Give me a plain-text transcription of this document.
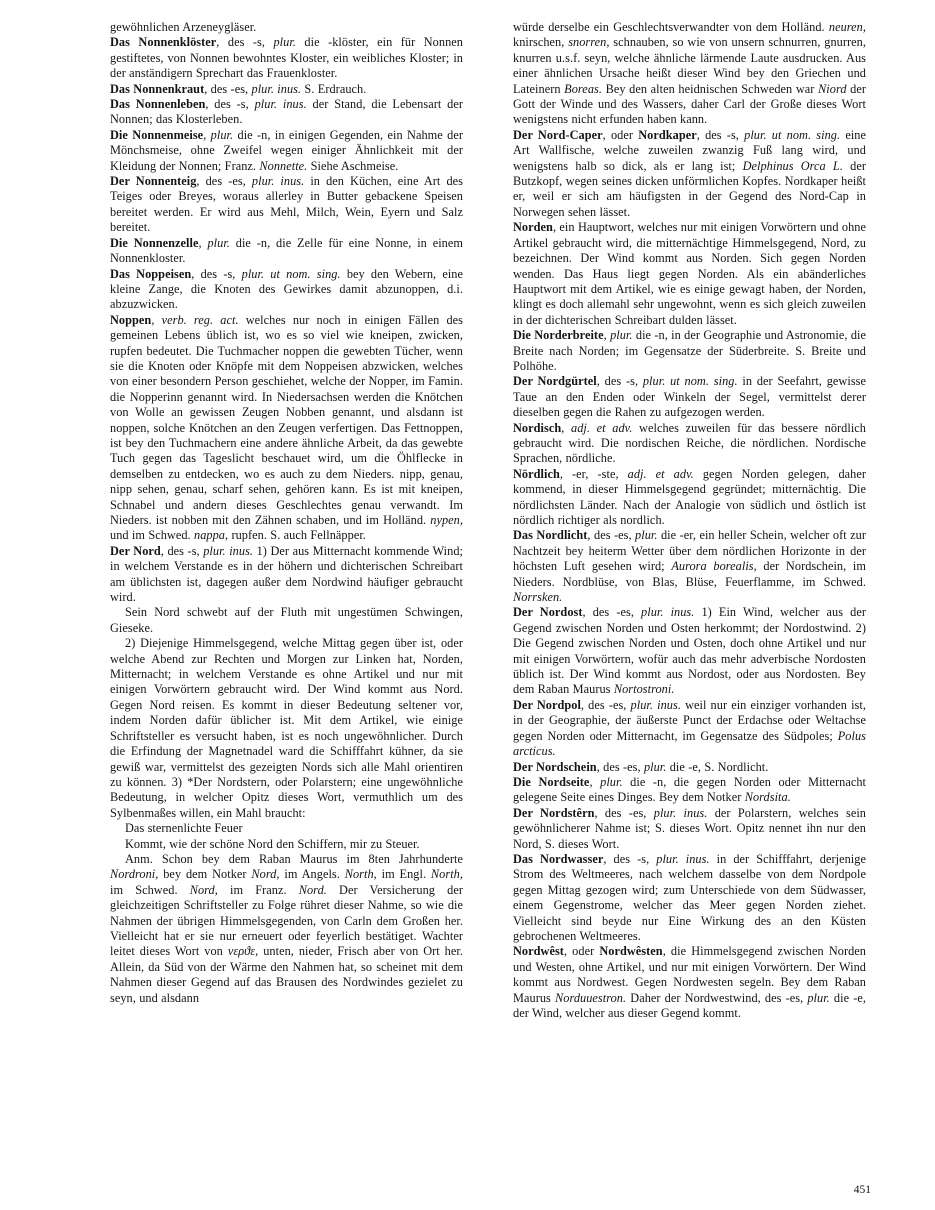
gewöhnlichen Arzeneygläser.

Das Nonnenklöster, des -s, plur. die -klöster, ein für Nonnen gestiftetes, von Nonnen bewohntes Kloster, ein weibliches Kloster; in der anständigern Sprechart das Frauenkloster.

Das Nonnenkraut, des -es, plur. inus. S. Erdrauch.

Das Nonnenleben, des -s, plur. inus. der Stand, die Lebensart der Nonnen; das Klosterleben.

Die Nonnenmeise, plur. die -n, in einigen Gegenden, ein Nahme der Mönchsmeise, ohne Zweifel wegen einiger Ähnlichkeit mit der Kleidung der Nonnen; Franz. Nonnette. Siehe Aschmeise.

Der Nonnenteig, des -es, plur. inus. in den Küchen, eine Art des Teiges oder Breyes, woraus allerley in Butter gebackene Speisen bereitet werden. Er wird aus Mehl, Milch, Wein, Eyern und Salz bereitet.

Die Nonnenzelle, plur. die -n, die Zelle für eine Nonne, in einem Nonnenkloster.

Das Noppeisen, des -s, plur. ut nom. sing. bey den Webern, eine kleine Zange, die Knoten des Gewirkes damit abzunoppen, d.i. abzuzwicken.

Noppen, verb. reg. act. welches nur noch in einigen Fällen des gemeinen Lebens üblich ist, wo es so viel wie kneipen, zwicken, rupfen bedeutet. Die Tuchmacher noppen die gewebten Tücher, wenn sie die Knoten oder Knöpfe mit dem Noppeisen abzwicken, welches von einer besondern Person geschiehet, welche der Nopper, im Famin. die Nopperinn genannt wird. In Niedersachsen werden die Knötchen von Wolle an gewissen Zeugen Nobben genannt, und alsdann ist noppen, solche Knötchen an den Zeugen verfertigen. Das Fettnoppen, ist bey den Tuchmachern eine andere ähnliche Arbeit, da das gewebte Tuch gegen das Tageslicht beschauet wird, um die Öhlflecke in demselben zu entdecken, wo es auch zu dem Nieders. nipp, genau, nipp sehen, genau, scharf sehen, gehören kann. Es ist mit kneipen, Schnabel und andern dieses Geschlechtes genau verwandt. Im Nieders. ist nobben mit den Zähnen schaben, und im Holländ. nypen, und im Schwed. nappa, rupfen. S. auch Fellnäpper.

Der Nord, des -s, plur. inus. 1) Der aus Mitternacht kommende Wind; in welchem Verstande es in der höhern und dichterischen Schreibart am üblichsten ist, dagegen außer dem Nordwind häufiger gebraucht wird.

Sein Nord schwebt auf der Fluth mit ungestümen Schwingen, Gieseke.

2) Diejenige Himmelsgegend, welche Mittag gegen über ist, oder welche Abend zur Rechten und Morgen zur Linken hat, Norden, Mitternacht; in welchem Verstande es ohne Artikel und nur mit einigen Vorwörtern gebraucht wird. Der Wind kommt aus Nord. Gegen Nord reisen. Es kommt in dieser Bedeutung seltener vor, indem Norden dafür üblicher ist. Mit dem Artikel, wie einige Schriftsteller es versucht haben, ist es noch ungewöhnlicher. Durch die Erfindung der Magnetnadel ward die Schifffahrt kühner, da sie gewiß war, vermittelst des gezeigten Nords sich alle Mahl orientiren zu können. 3) *Der Nordstern, oder Polarstern; eine ungewöhnliche Bedeutung, in welcher Opitz dieses Wort, vermuthlich um des Sylbenmaßes willen, ein Mahl braucht:

Das sternenlichte Feuer

Kommt, wie der schöne Nord den Schiffern, mir zu Steuer.

Anm. Schon bey dem Raban Maurus im 8ten Jahrhunderte Nordroni, bey dem Notker Nord, im Angels. North, im Engl. North, im Schwed. Nord, im Franz. Nord. Der Versicherung der gleichzeitigen Schriftsteller zu Folge rühret dieser Nahme, so wie die Nahmen der übrigen Himmelsgegenden, von Carln dem Großen her. Vielleicht hat er sie nur erneuert oder feyerlich bestätiget. Wachter leitet dieses Wort von νερϑε, unten, nieder, Frisch aber von Ort her. Allein, da Süd von der Wärme den Nahmen hat, so scheinet mit dem Nahmen dieser Gegend auf das Brausen des Nordwindes gezielet zu seyn, und alsdann

würde derselbe ein Geschlechtsverwandter von dem Holländ. neuren, knirschen, snorren, schnauben, so wie von unsern schnurren, gnurren, knurren u.s.f. seyn, welche ähnliche lärmende Laute ausdrucken. Aus einer ähnlichen Ursache heißt dieser Wind bey den Griechen und Lateinern Boreas. Bey den alten heidnischen Schweden war Niord der Gott der Winde und des Wassers, daher Carl der Große dieses Wort wenigstens nicht erfunden haben kann.

Der Nord-Caper, oder Nordkaper, des -s, plur. ut nom. sing. eine Art Wallfische, welche zuweilen zwanzig Fuß lang wird, und wenigstens halb so dick, als er lang ist; Delphinus Orca L. der Butzkopf, wegen seines dicken unförmlichen Kopfes. Nordkaper heißt er, weil er sich am häufigsten in der Gegend des Nord-Cap in Norwegen sehen lässet.

Norden, ein Hauptwort, welches nur mit einigen Vorwörtern und ohne Artikel gebraucht wird, die mitternächtige Himmelsgegend, Nord, zu bezeichnen. Der Wind kommt aus Norden. Sich gegen Norden wenden. Das Haus liegt gegen Norden. Als ein abänderliches Hauptwort mit dem Artikel, wie es einige gewagt haben, der Norden, klingt es doch allemahl sehr ungewohnt, wenn es sich gleich zuweilen in der dichterischen Schreibart dulden lässet.

Die Norderbreite, plur. die -n, in der Geographie und Astronomie, die Breite nach Norden; im Gegensatze der Süderbreite. S. Breite und Polhöhe.

Der Nordgürtel, des -s, plur. ut nom. sing. in der Seefahrt, gewisse Taue an den Enden oder Winkeln der Segel, vermittelst derer dieselben gegen die Rahen zu aufgezogen werden.

Nordisch, adj. et adv. welches zuweilen für das bessere nördlich gebraucht wird. Die nordischen Reiche, die nördlichen. Nordische Sprachen, nördliche.

Nördlich, -er, -ste, adj. et adv. gegen Norden gelegen, daher kommend, in dieser Himmelsgegend gegründet; mitternächtig. Die nördlichsten Länder. Nach der Analogie von südlich und östlich ist nördlich richtiger als nordlich.

Das Nordlicht, des -es, plur. die -er, ein heller Schein, welcher oft zur Nachtzeit bey heiterm Wetter über dem nördlichen Horizonte in der höchsten Luft gesehen wird; Aurora borealis, der Nordschein, im Nieders. Nordblüse, von Blas, Blüse, Feuerflamme, im Schwed. Norrsken.

Der Nordost, des -es, plur. inus. 1) Ein Wind, welcher aus der Gegend zwischen Norden und Osten herkommt; der Nordostwind. 2) Die Gegend zwischen Norden und Osten, doch ohne Artikel und nur mit einigen Vorwörtern, wofür auch das mehr adverbische Nordosten üblich ist. Der Wind kommt aus Nordost, oder aus Nordosten. Bey dem Raban Maurus Nortostroni.

Der Nordpol, des -es, plur. inus. weil nur ein einziger vorhanden ist, in der Geographie, der äußerste Punct der Erdachse oder Weltachse gegen Norden oder Mitternacht, im Gegensatze des Südpoles; Polus arcticus.

Der Nordschein, des -es, plur. die -e, S. Nordlicht.

Die Nordseite, plur. die -n, die gegen Norden oder Mitternacht gelegene Seite eines Dinges. Bey dem Notker Nordsita.

Der Nordstêrn, des -es, plur. inus. der Polarstern, welches sein gewöhnlicherer Nahme ist; S. dieses Wort. Opitz nennet ihn nur den Nord, S. dieses Wort.

Das Nordwasser, des -s, plur. inus. in der Schifffahrt, derjenige Strom des Weltmeeres, nach welchem dasselbe von dem Nordpole gegen Mittag gezogen wird; zum Unterschiede von dem Südwasser, einem Gegenstrome, welcher das Meer gegen Norden ziehet. Vielleicht sind beyde nur Eine Wirkung des an den Küsten gebrochenen Weltmeeres.

Nordwêst, oder Nordwêsten, die Himmelsgegend zwischen Norden und Westen, ohne Artikel, und nur mit einigen Vorwörtern. Der Wind kommt aus Nordwest. Gegen Nordwesten segeln. Bey dem Raban Maurus Norduuestron. Daher der Nordwestwind, des -es, plur. die -e, der Wind, welcher aus dieser Gegend kommt.

451
